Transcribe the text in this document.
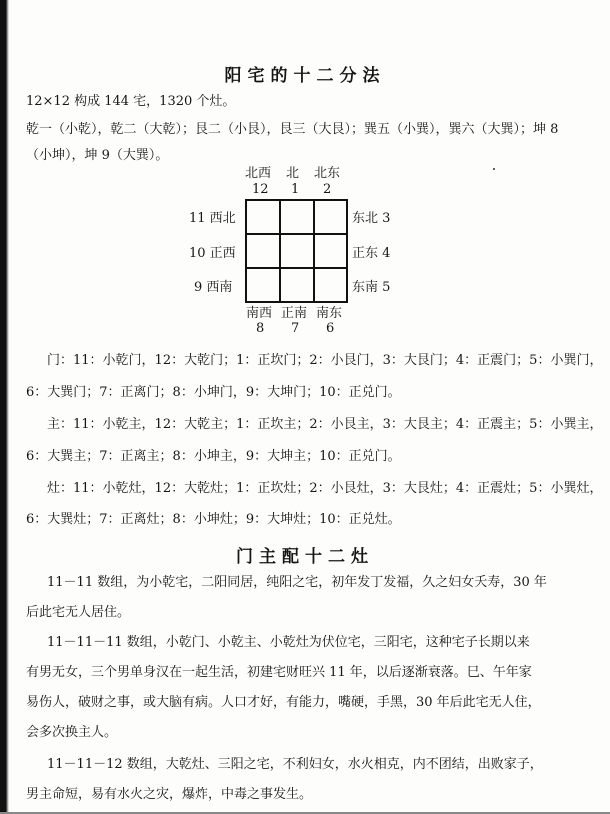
阳宅的十二分法
12×12 构成 144 宅，1320 个灶。
乾一（小乾），乾二（大乾）；艮二（小艮），艮三（大艮）；巽五（小巽），巽六（大巽）；坤 8
（小坤），坤 9（大巽）。
北西 北 北东
12 1 2
11 西北
10 正西
9 西南
东北 3
正东 4
东南 5
南西 正南 南东
8 7 6
门：11：小乾门，12：大乾门；1：正坎门；2：小艮门，3：大艮门；4：正震门；5：小巽门，
6：大巽门；7：正离门；8：小坤门，9：大坤门；10：正兑门。
主：11：小乾主，12：大乾主；1：正坎主；2：小艮主，3：大艮主；4：正震主；5：小巽主，
6：大巽主；7：正离主；8：小坤主，9：大坤主；10：正兑门。
灶：11：小乾灶，12：大乾灶；1：正坎灶；2：小艮灶，3：大艮灶；4：正震灶；5：小巽灶，
6：大巽灶；7：正离灶；8：小坤灶；9：大坤灶；10：正兑灶。
门主配十二灶
11－11 数组，为小乾宅，二阳同居，纯阳之宅，初年发丁发福，久之妇女夭寿，30 年
后此宅无人居住。
11－11－11 数组，小乾门、小乾主、小乾灶为伏位宅，三阳宅，这种宅子长期以来
有男无女，三个男单身汉在一起生活，初建宅财旺兴 11 年，以后逐渐衰落。巳、午年家
易伤人，破财之事，或大脑有病。人口才好，有能力，嘴硬，手黑，30 年后此宅无人住，
会多次换主人。
11－11－12 数组，大乾灶、三阳之宅，不利妇女，水火相克，内不团结，出败家子，
男主命短，易有水火之灾，爆炸，中毒之事发生。
